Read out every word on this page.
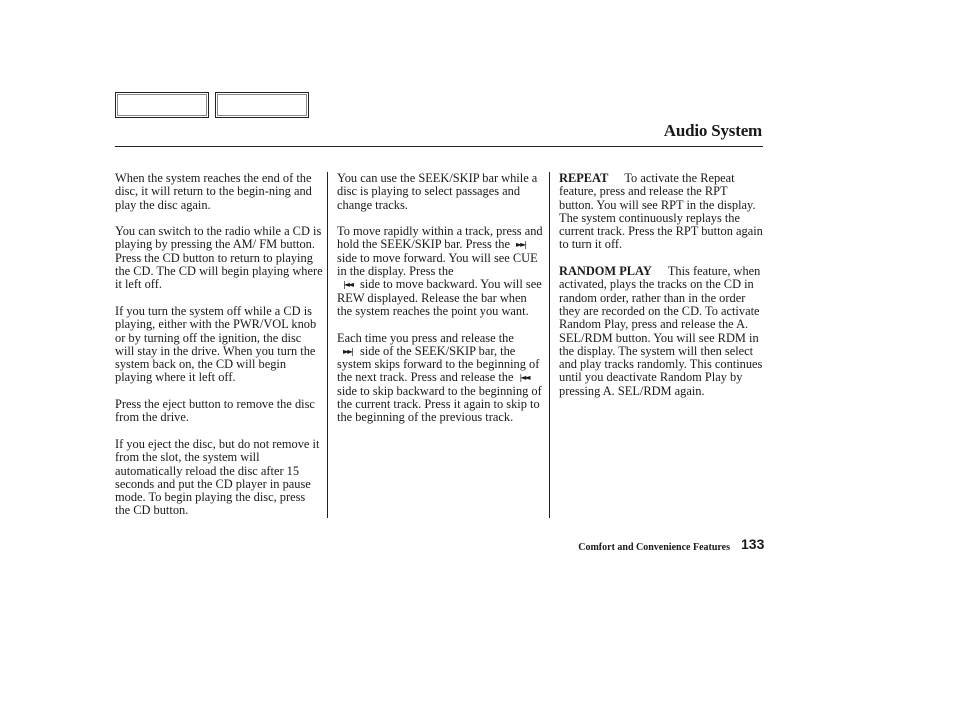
Audio System

When the system reaches the end of the disc, it will return to the begin-ning and play the disc again.

You can switch to the radio while a CD is playing by pressing the AM/ FM button. Press the CD button to return to playing the CD. The CD will begin playing where it left off.

If you turn the system off while a CD is playing, either with the PWR/VOL knob or by turning off the ignition, the disc will stay in the drive. When you turn the system back on, the CD will begin playing where it left off.

Press the eject button to remove the disc from the drive.

If you eject the disc, but do not remove it from the slot, the system will automatically reload the disc after 15 seconds and put the CD player in pause mode. To begin playing the disc, press the CD button.

You can use the SEEK/SKIP bar while a disc is playing to select passages and change tracks.

To move rapidly within a track, press and hold the SEEK/SKIP bar. Press the ►►|side to move forward. You will see CUE in the display. Press the
|◄◄ side to move backward. You will see REW displayed. Release the bar when the system reaches the point you want.

Each time you press and release the
►►| side of the SEEK/SKIP bar, the system skips forward to the beginning of the next track. Press and release the |◄◄side to skip backward to the beginning of the current track. Press it again to skip to the beginning of the previous track.

REPEAT To activate the Repeat feature, press and release the RPT button. You will see RPT in the display. The system continuously replays the current track. Press the RPT button again to turn it off.

RANDOM PLAY This feature, when activated, plays the tracks on the CD in random order, rather than in the order they are recorded on the CD. To activate Random Play, press and release the A. SEL/RDM button. You will see RDM in the display. The system will then select and play tracks randomly. This continues until you deactivate Random Play by pressing A. SEL/RDM again.

Comfort and Convenience Features 133
